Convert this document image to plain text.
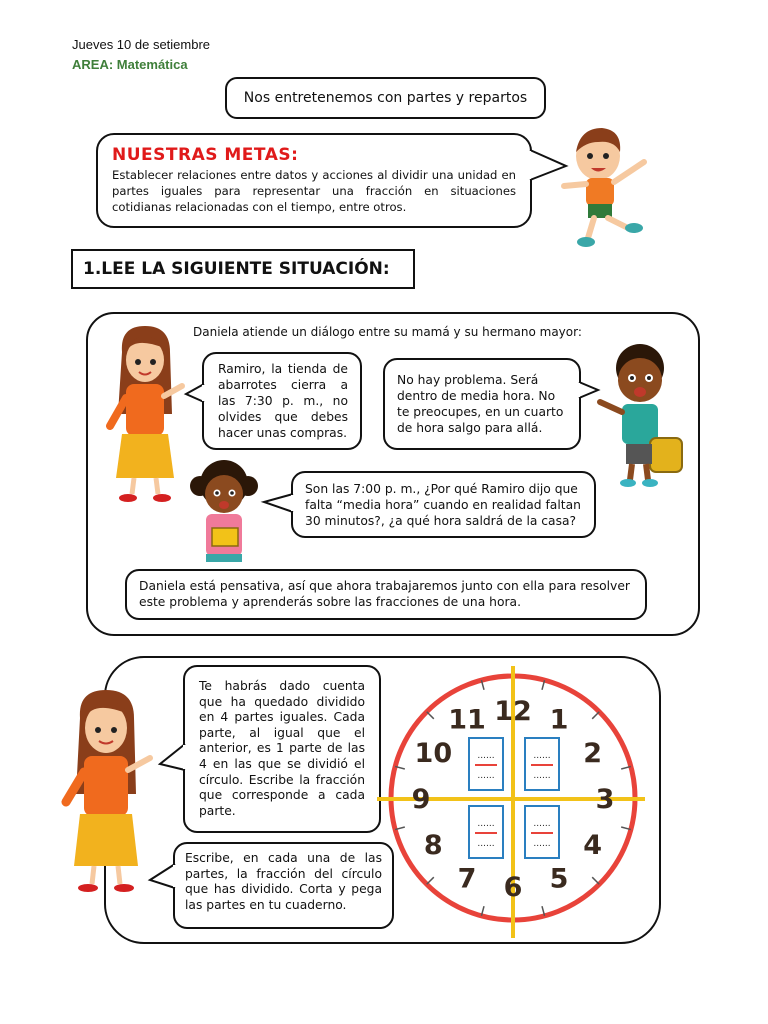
Jueves 10 de setiembre
AREA: Matemática
Nos entretenemos con partes y repartos
NUESTRAS METAS:

Establecer relaciones entre datos y acciones al dividir una unidad en partes iguales para representar una fracción en situaciones cotidianas relacionadas con el tiempo, entre otros.

1. LEE LA SIGUIENTE SITUACIÓN:
Daniela atiende un diálogo entre su mamá y su hermano mayor:
Ramiro, la tienda de abarrotes cierra a las 7:30 p. m., no olvides que debes hacer unas compras.
No hay problema. Será dentro de media hora. No te preocupes, en un cuarto de hora salgo para allá.
Son las 7:00 p. m., ¿Por qué Ramiro dijo que falta “media hora” cuando en realidad faltan 30 minutos?, ¿a qué hora saldrá de la casa?
Daniela está pensativa, así que ahora trabajaremos junto con ella para resolver este problema y aprenderás sobre las fracciones de una hora.
Te habrás dado cuenta que ha quedado dividido en 4 partes iguales. Cada parte, al igual que el anterior, es 1 parte de las 4 en las que se dividió el círculo. Escribe la fracción que corresponde a cada parte.
Escribe, en cada una de las partes, la fracción del círculo que has dividido. Corta y pega las partes en tu cuaderno.
12 1
2
3
4
5
6
7
8
9
10
11
......
......
......
......
......
......
......
......
